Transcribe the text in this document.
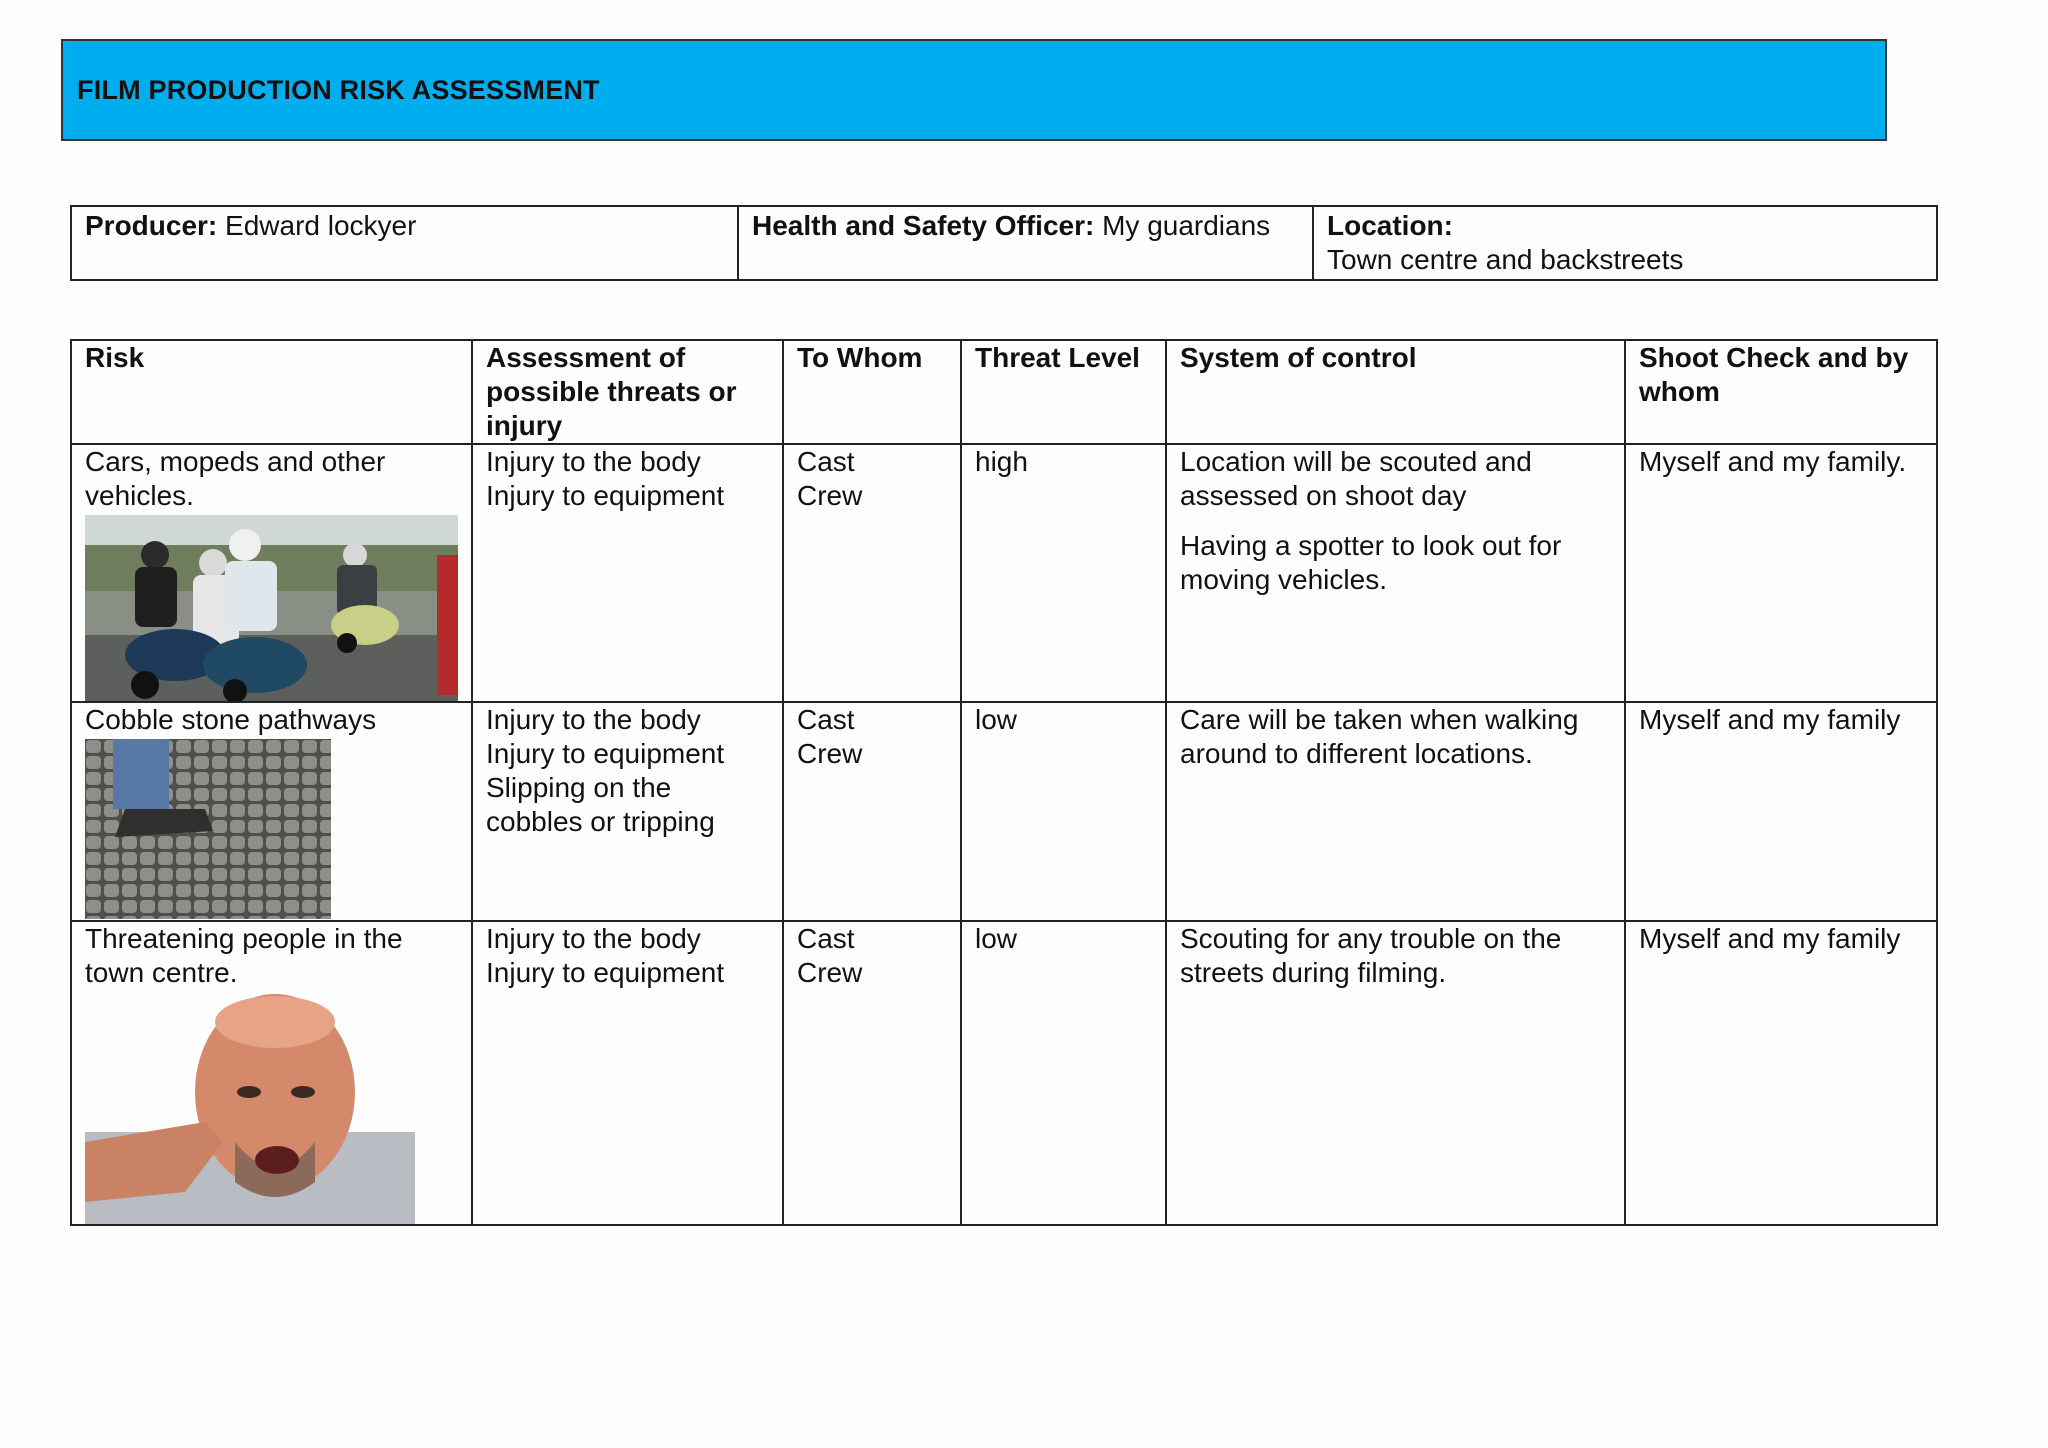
FILM PRODUCTION RISK ASSESSMENT
Producer: Edward lockyer	Health and Safety Officer: My guardians	Location:
Town centre and backstreets
Risk	Assessment of possible threats or injury	To Whom	Threat Level	System of control	Shoot Check and by whom

Cars, mopeds and other vehicles.	Injury to the body
Injury to equipment	Cast
Crew	high	Location will be scouted and assessed on shoot day
Having a spotter to look out for moving vehicles.	Myself and my family.

Cobble stone pathways	Injury to the body
Injury to equipment
Slipping on the cobbles or tripping	Cast
Crew	low	Care will be taken when walking around to different locations.	Myself and my family

Threatening people in the town centre.	Injury to the body
Injury to equipment	Cast
Crew	low	Scouting for any trouble on the streets during filming.	Myself and my family
